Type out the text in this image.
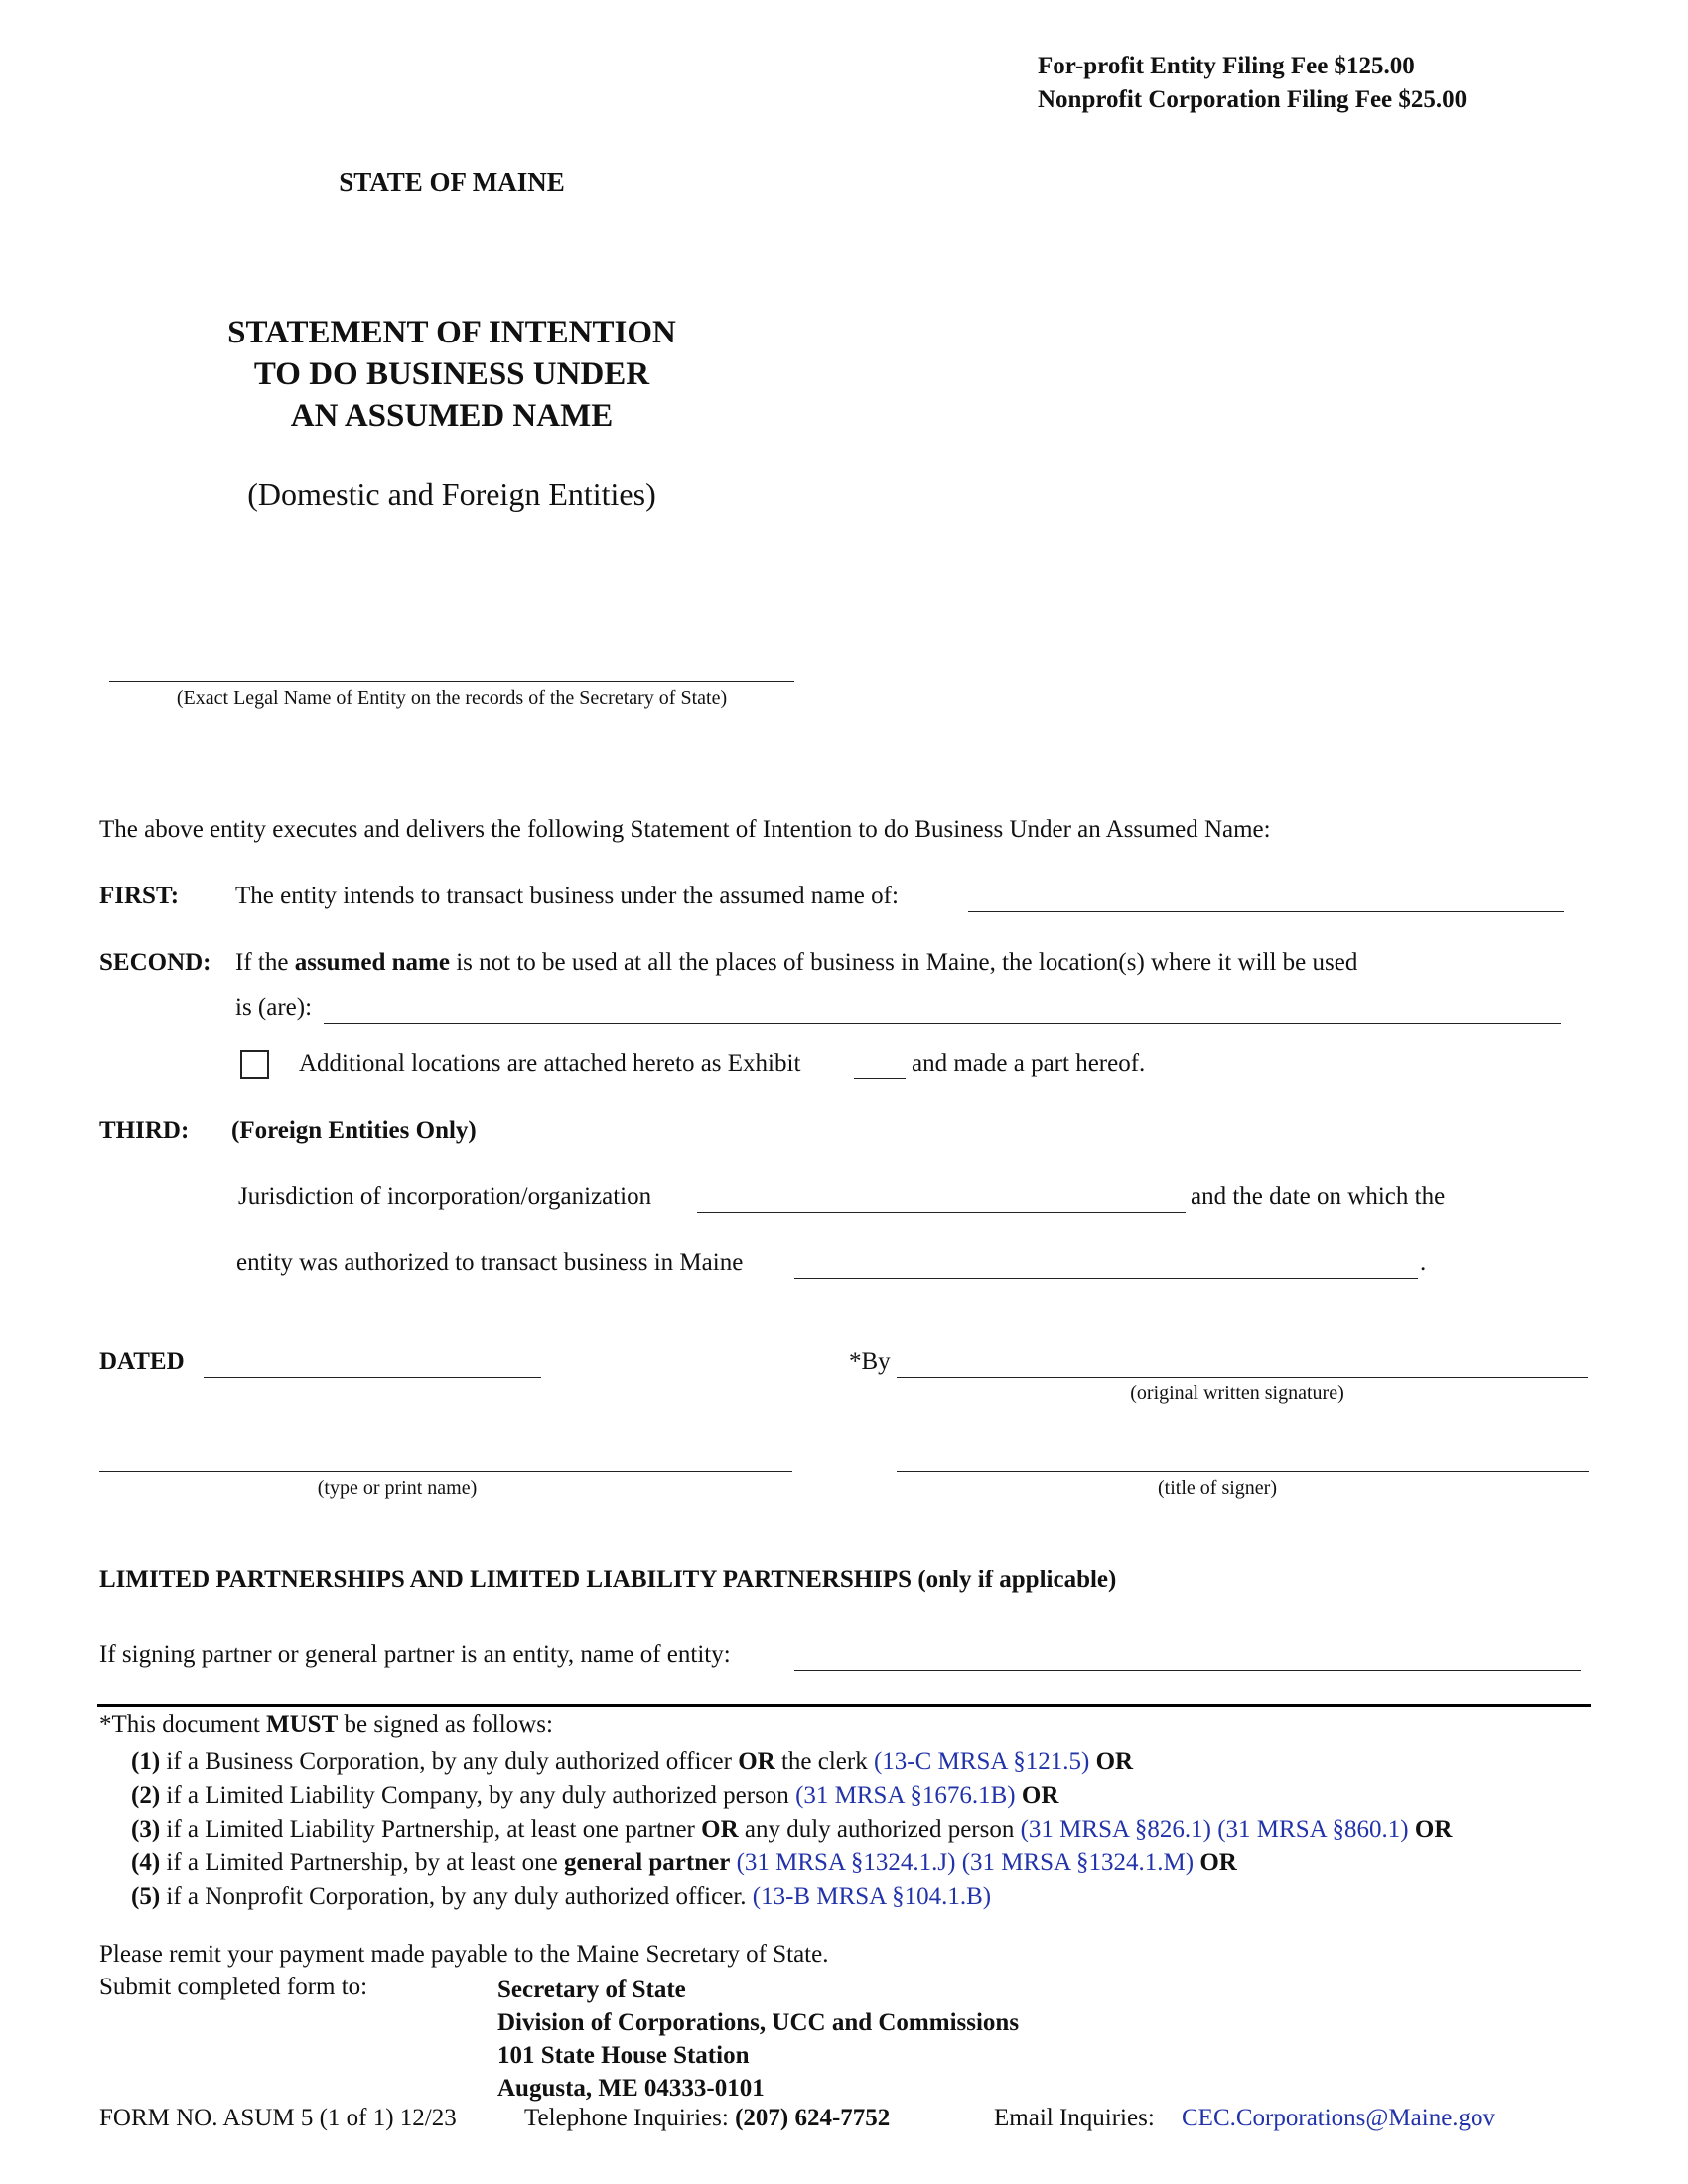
For-profit Entity Filing Fee $125.00
Nonprofit Corporation Filing Fee $25.00
STATE OF MAINE
STATEMENT OF INTENTION
TO DO BUSINESS UNDER
AN ASSUMED NAME
(Domestic and Foreign Entities)
(Exact Legal Name of Entity on the records of the Secretary of State)
The above entity executes and delivers the following Statement of Intention to do Business Under an Assumed Name:
FIRST: The entity intends to transact business under the assumed name of:
SECOND: If the assumed name is not to be used at all the places of business in Maine, the location(s) where it will be used
is (are):
Additional locations are attached hereto as Exhibit	and made a part hereof.
THIRD: (Foreign Entities Only)
Jurisdiction of incorporation/organization	and the date on which the
entity was authorized to transact business in Maine	.
DATED	*By
(original written signature)
(type or print name)	(title of signer)
LIMITED PARTNERSHIPS AND LIMITED LIABILITY PARTNERSHIPS (only if applicable)
If signing partner or general partner is an entity, name of entity:
*This document MUST be signed as follows:
(1) if a Business Corporation, by any duly authorized officer OR the clerk (13-C MRSA §121.5) OR
(2) if a Limited Liability Company, by any duly authorized person (31 MRSA §1676.1B) OR
(3) if a Limited Liability Partnership, at least one partner OR any duly authorized person (31 MRSA §826.1) (31 MRSA §860.1) OR
(4) if a Limited Partnership, by at least one general partner (31 MRSA §1324.1.J) (31 MRSA §1324.1.M) OR
(5) if a Nonprofit Corporation, by any duly authorized officer. (13-B MRSA §104.1.B)
Please remit your payment made payable to the Maine Secretary of State.
Submit completed form to:	Secretary of State
Division of Corporations, UCC and Commissions
101 State House Station
Augusta, ME 04333-0101
FORM NO. ASUM 5 (1 of 1) 12/23	Telephone Inquiries: (207) 624-7752	Email Inquiries: CEC.Corporations@Maine.gov
